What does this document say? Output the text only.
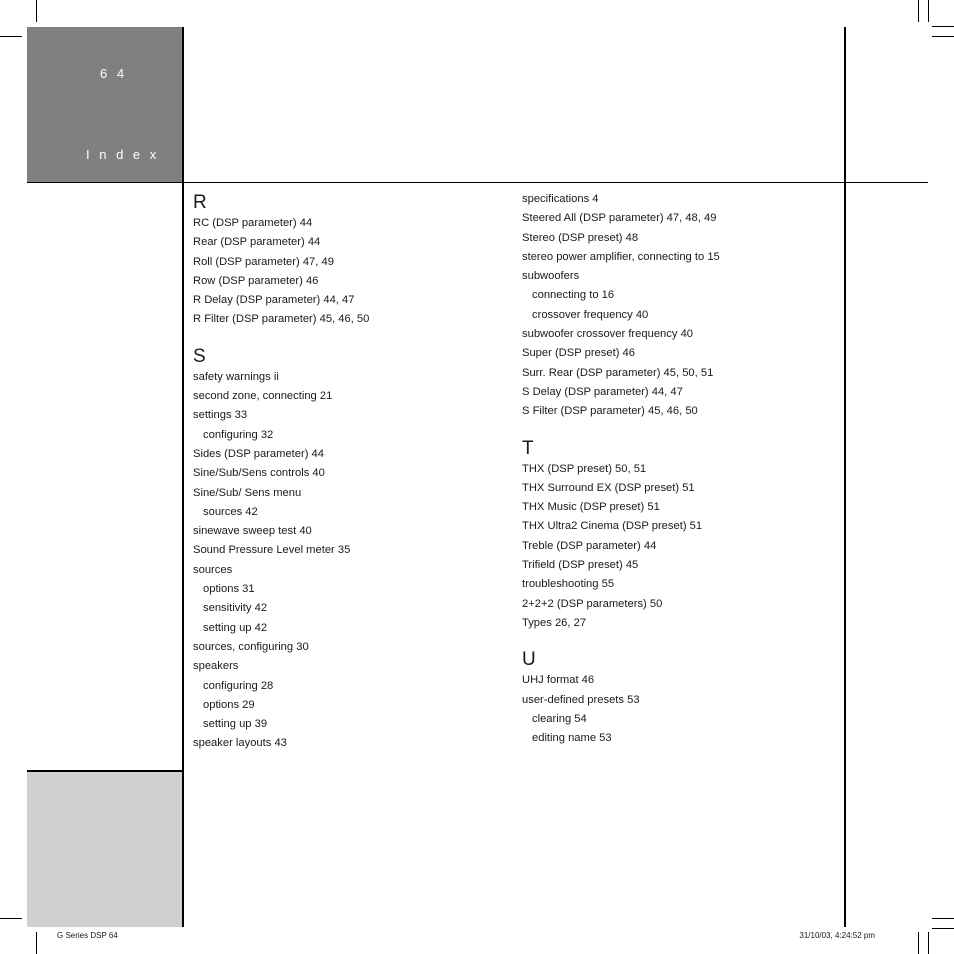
6 4
I n d e x
R
RC (DSP parameter) 44
Rear (DSP parameter) 44
Roll (DSP parameter) 47, 49
Row (DSP parameter) 46
R Delay (DSP parameter) 44, 47
R Filter (DSP parameter) 45, 46, 50
S
safety warnings ii
second zone, connecting 21
settings 33
configuring 32
Sides (DSP parameter) 44
Sine/Sub/Sens controls 40
Sine/Sub/ Sens menu
sources 42
sinewave sweep test 40
Sound Pressure Level meter 35
sources
options 31
sensitivity 42
setting up 42
sources, configuring 30
speakers
configuring 28
options 29
setting up 39
speaker layouts 43
specifications 4
Steered All (DSP parameter) 47, 48, 49
Stereo (DSP preset) 48
stereo power amplifier, connecting to 15
subwoofers
connecting to 16
crossover frequency 40
subwoofer crossover frequency 40
Super (DSP preset) 46
Surr. Rear (DSP parameter) 45, 50, 51
S Delay (DSP parameter) 44, 47
S Filter (DSP parameter) 45, 46, 50
T
THX (DSP preset) 50, 51
THX Surround EX (DSP preset) 51
THX Music (DSP preset) 51
THX Ultra2 Cinema (DSP preset) 51
Treble (DSP parameter) 44
Trifield (DSP preset) 45
troubleshooting 55
2+2+2 (DSP parameters) 50
Types 26, 27
U
UHJ format 46
user-defined presets 53
clearing 54
editing name 53
G Series DSP 64	31/10/03, 4:24:52 pm
